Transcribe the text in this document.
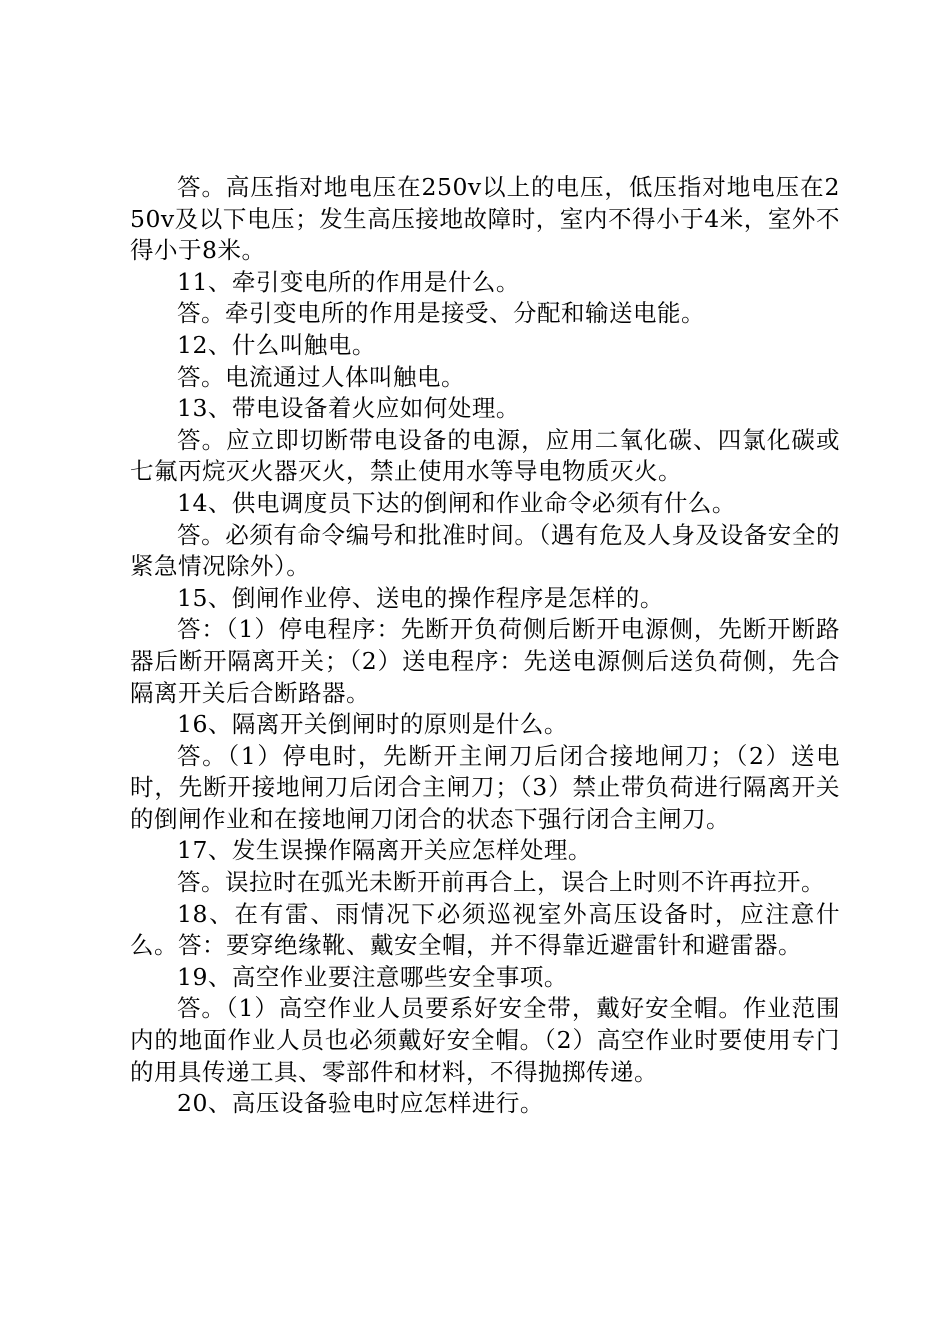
答。高压指对地电压在250v以上的电压，低压指对地电压在250v及以下电压；发生高压接地故障时，室内不得小于4米，室外不得小于8米。

11、牵引变电所的作用是什么。

答。牵引变电所的作用是接受、分配和输送电能。

12、什么叫触电。

答。电流通过人体叫触电。

13、带电设备着火应如何处理。

答。应立即切断带电设备的电源，应用二氧化碳、四氯化碳或七氟丙烷灭火器灭火，禁止使用水等导电物质灭火。

14、供电调度员下达的倒闸和作业命令必须有什么。

答。必须有命令编号和批准时间。（遇有危及人身及设备安全的紧急情况除外）。

15、倒闸作业停、送电的操作程序是怎样的。

答：（1）停电程序：先断开负荷侧后断开电源侧，先断开断路器后断开隔离开关；（2）送电程序：先送电源侧后送负荷侧，先合隔离开关后合断路器。

16、隔离开关倒闸时的原则是什么。

答。（1）停电时，先断开主闸刀后闭合接地闸刀；（2）送电时，先断开接地闸刀后闭合主闸刀；（3）禁止带负荷进行隔离开关的倒闸作业和在接地闸刀闭合的状态下强行闭合主闸刀。

17、发生误操作隔离开关应怎样处理。

答。误拉时在弧光未断开前再合上，误合上时则不许再拉开。

18、在有雷、雨情况下必须巡视室外高压设备时，应注意什么。答：要穿绝缘靴、戴安全帽，并不得靠近避雷针和避雷器。

19、高空作业要注意哪些安全事项。

答。（1）高空作业人员要系好安全带，戴好安全帽。作业范围内的地面作业人员也必须戴好安全帽。（2）高空作业时要使用专门的用具传递工具、零部件和材料，不得抛掷传递。

20、高压设备验电时应怎样进行。
